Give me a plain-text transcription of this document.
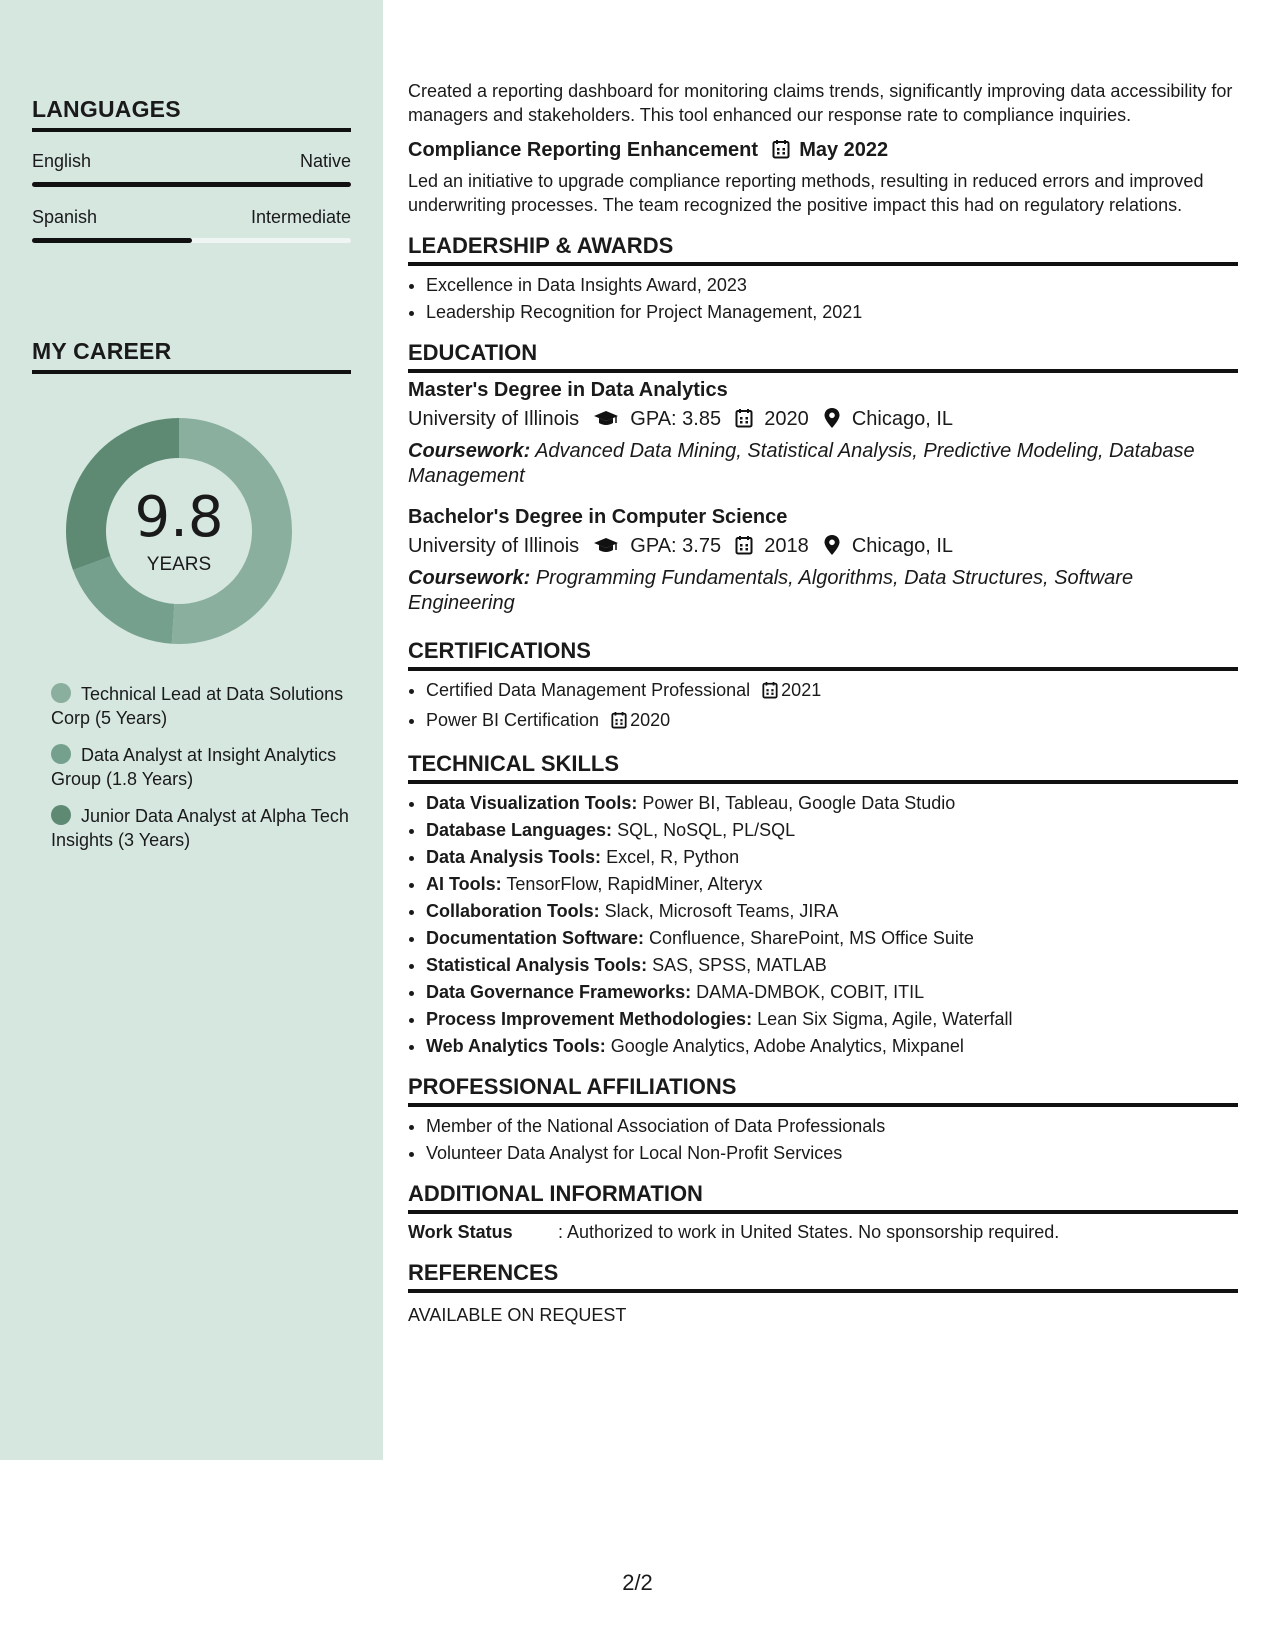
LANGUAGES
English	Native
Spanish	Intermediate
MY CAREER
9.8
YEARS
Technical Lead at Data Solutions Corp (5 Years)
Data Analyst at Insight Analytics Group (1.8 Years)
Junior Data Analyst at Alpha Tech Insights (3 Years)

Created a reporting dashboard for monitoring claims trends, significantly improving data accessibility for managers and stakeholders. This tool enhanced our response rate to compliance inquiries.

Compliance Reporting Enhancement May 2022

Led an initiative to upgrade compliance reporting methods, resulting in reduced errors and improved underwriting processes. The team recognized the positive impact this had on regulatory relations.

LEADERSHIP & AWARDS
• Excellence in Data Insights Award, 2023
• Leadership Recognition for Project Management, 2021
EDUCATION
Master's Degree in Data Analytics
University of Illinois	GPA: 3.85 2020 Chicago, IL
Coursework: Advanced Data Mining, Statistical Analysis, Predictive Modeling, Database Management
Bachelor's Degree in Computer Science
University of Illinois	GPA: 3.75 2018 Chicago, IL
Coursework: Programming Fundamentals, Algorithms, Data Structures, Software Engineering
CERTIFICATIONS
• Certified Data Management Professional 2021
• Power BI Certification 2020
TECHNICAL SKILLS
• Data Visualization Tools: Power BI, Tableau, Google Data Studio
• Database Languages: SQL, NoSQL, PL/SQL
• Data Analysis Tools: Excel, R, Python
• AI Tools: TensorFlow, RapidMiner, Alteryx
• Collaboration Tools: Slack, Microsoft Teams, JIRA
• Documentation Software: Confluence, SharePoint, MS Office Suite
• Statistical Analysis Tools: SAS, SPSS, MATLAB
• Data Governance Frameworks: DAMA-DMBOK, COBIT, ITIL
• Process Improvement Methodologies: Lean Six Sigma, Agile, Waterfall
• Web Analytics Tools: Google Analytics, Adobe Analytics, Mixpanel
PROFESSIONAL AFFILIATIONS
• Member of the National Association of Data Professionals
• Volunteer Data Analyst for Local Non-Profit Services
ADDITIONAL INFORMATION
Work Status	: Authorized to work in United States. No sponsorship required.
REFERENCES
AVAILABLE ON REQUEST
2/2
